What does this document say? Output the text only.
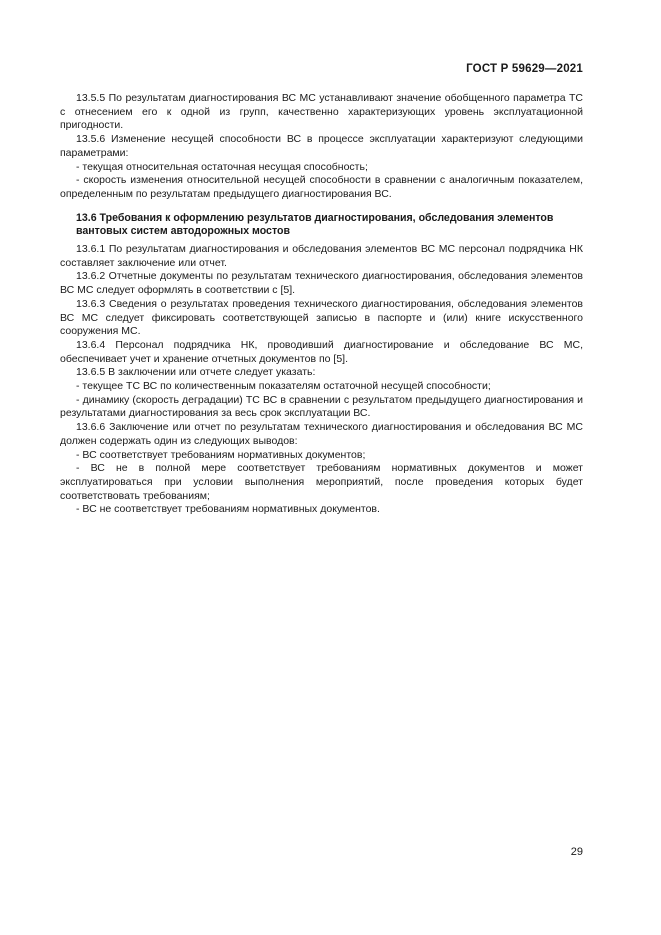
ГОСТ Р 59629—2021

13.5.5 По результатам диагностирования ВС МС устанавливают значение обобщенного параметра ТС с отнесением его к одной из групп, качественно характеризующих уровень эксплуатационной пригодности.

13.5.6 Изменение несущей способности ВС в процессе эксплуатации характеризуют следующими параметрами:

- текущая относительная остаточная несущая способность;

- скорость изменения относительной несущей способности в сравнении с аналогичным показателем, определенным по результатам предыдущего диагностирования ВС.

13.6 Требования к оформлению результатов диагностирования, обследования элементов вантовых систем автодорожных мостов

13.6.1 По результатам диагностирования и обследования элементов ВС МС персонал подрядчика НК составляет заключение или отчет.

13.6.2 Отчетные документы по результатам технического диагностирования, обследования элементов ВС МС следует оформлять в соответствии с [5].

13.6.3 Сведения о результатах проведения технического диагностирования, обследования элементов ВС МС следует фиксировать соответствующей записью в паспорте и (или) книге искусственного сооружения МС.

13.6.4 Персонал подрядчика НК, проводивший диагностирование и обследование ВС МС, обеспечивает учет и хранение отчетных документов по [5].

13.6.5 В заключении или отчете следует указать:

- текущее ТС ВС по количественным показателям остаточной несущей способности;

- динамику (скорость деградации) ТС ВС в сравнении с результатом предыдущего диагностирования и результатами диагностирования за весь срок эксплуатации ВС.

13.6.6 Заключение или отчет по результатам технического диагностирования и обследования ВС МС должен содержать один из следующих выводов:

- ВС соответствует требованиям нормативных документов;

- ВС не в полной мере соответствует требованиям нормативных документов и может эксплуатироваться при условии выполнения мероприятий, после проведения которых будет соответствовать требованиям;

- ВС не соответствует требованиям нормативных документов.

29
